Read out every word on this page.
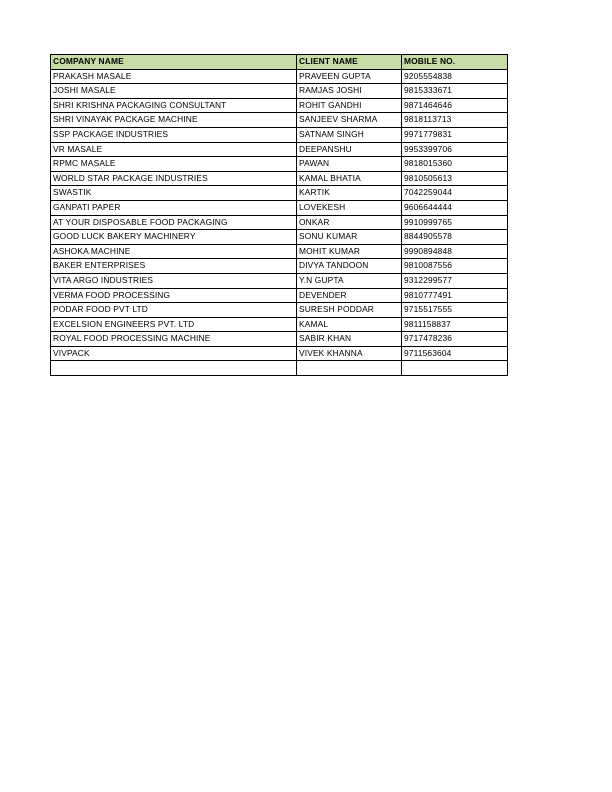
COMPANY NAME	CLIENT NAME	MOBILE NO.
PRAKASH MASALE	PRAVEEN GUPTA	9205554838
JOSHI MASALE	RAMJAS JOSHI	9815333671
SHRI KRISHNA PACKAGING CONSULTANT	ROHIT GANDHI	9871464646
SHRI VINAYAK PACKAGE MACHINE	SANJEEV SHARMA	9818113713
SSP PACKAGE INDUSTRIES	SATNAM SINGH	9971779831
VR MASALE	DEEPANSHU	9953399706
RPMC MASALE	PAWAN	9818015360
WORLD STAR PACKAGE INDUSTRIES	KAMAL BHATIA	9810505613
SWASTIK	KARTIK	7042259044
GANPATI PAPER	LOVEKESH	9606644444
AT YOUR DISPOSABLE FOOD PACKAGING	ONKAR	9910999765
GOOD LUCK BAKERY MACHINERY	SONU KUMAR	8844905578
ASHOKA MACHINE	MOHIT KUMAR	9990894848
BAKER ENTERPRISES	DIVYA TANDOON	9810087556
VITA ARGO INDUSTRIES	Y.N GUPTA	9312299577
VERMA FOOD PROCESSING	DEVENDER	9810777491
PODAR FOOD PVT LTD	SURESH PODDAR	9715517555
EXCELSION ENGINEERS PVT. LTD	KAMAL	9811158837
ROYAL FOOD PROCESSING MACHINE	SABIR KHAN	9717478236
VIVPACK	VIVEK KHANNA	9711563604
